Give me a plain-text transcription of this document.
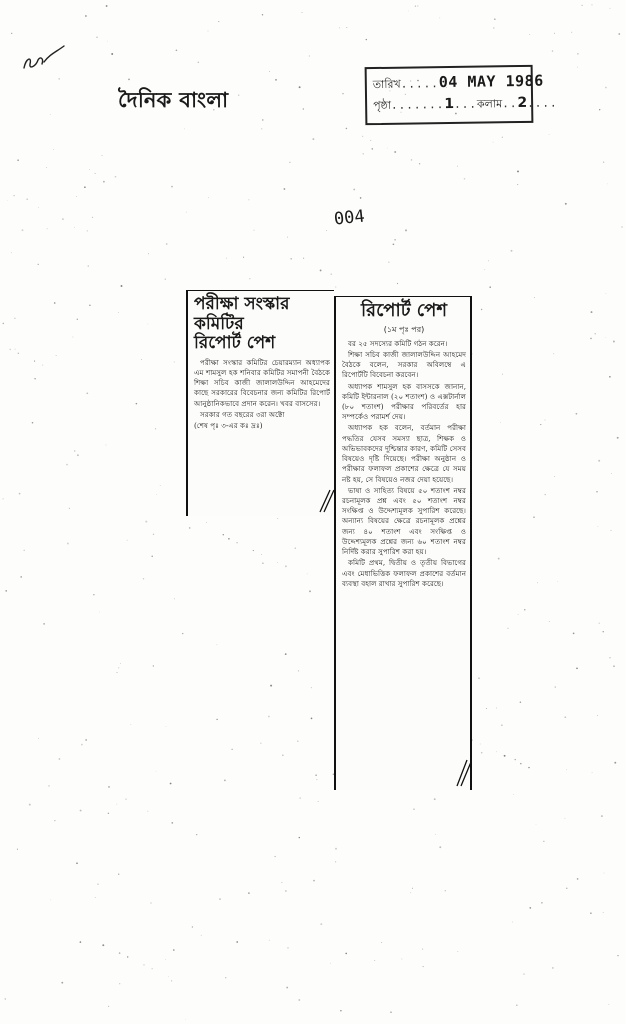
দৈনিক বাংলা
তারিখ ..... 04 MAY 1986
পৃষ্ঠা ....... 1 ... কলাম .. 2 ....
004
পরীক্ষা সংস্কার
কমিটির
রিপোর্ট পেশ

পরীক্ষা সংস্কার কমিটির চেয়ারম্যান অধ্যাপক এম শামসুল হক শনিবার কমিটির সমাপনী বৈঠকে শিক্ষা সচিব কাজী জালালউদ্দিন আহমেদের কাছে সরকারের বিবেচনার জন্য কমিটির রিপোর্ট আনুষ্ঠানিকভাবে প্রদান করেন। খবর বাসসের।

সরকার গত বছরের ৩রা অক্টো

(শেষ পৃঃ ৩-এর কঃ দ্রঃ)

রিপোর্ট পেশ

(১ম পৃঃ পর)

বর ২৫ সদস্যের কমিটি গঠন করেন।

শিক্ষা সচিব কাজী জালালউদ্দিন আহমেদ বৈঠকে বলেন, সরকার অবিলম্বে এ রিপোর্টটি বিবেচনা করবেন।

অধ্যাপক শামসুল হক বাসসকে জানান, কমিটি ইন্টারনাল (২০ শতাংশ) ও এক্সটার্নাল (৮০ শতাংশ) পরীক্ষার পরিবর্তের হার সম্পর্কেও পরামর্শ দেয়।

অধ্যাপক হক বলেন, বর্তমান পরীক্ষা পদ্ধতির যেসব সমস্যা ছাত্র, শিক্ষক ও অভিভাবকদের দুশ্চিন্তার কারণ, কমিটি সেসব বিষয়েও দৃষ্টি দিয়েছে। পরীক্ষা অনুষ্ঠান ও পরীক্ষার ফলাফল প্রকাশের ক্ষেত্রে যে সময় নষ্ট হয়, সে বিষয়েও নজর দেয়া হয়েছে।

ভাষা ও সাহিত্য বিষয়ে ৫০ শতাংশ নম্বর রচনামূলক প্রশ্ন এবং ৫০ শতাংশ নম্বর সংক্ষিপ্ত ও উদ্দেশ্যমূলক সুপারিশ করেছে। অন্যান্য বিষয়ের ক্ষেত্রে রচনামূলক প্রশ্নের জন্য ৪০ শতাংশ এবং সংক্ষিপ্ত ও উদ্দেশ্যমূলক প্রশ্নের জন্য ৬০ শতাংশ নম্বর নির্দিষ্ট করার সুপারিশ করা হয়।

কমিটি প্রথম, দ্বিতীয় ও তৃতীয় বিভাগের এবং মেধাভিত্তিক ফলাফল প্রকাশের বর্তমান ব্যবস্থা বহাল রাখার সুপারিশ করেছে।
